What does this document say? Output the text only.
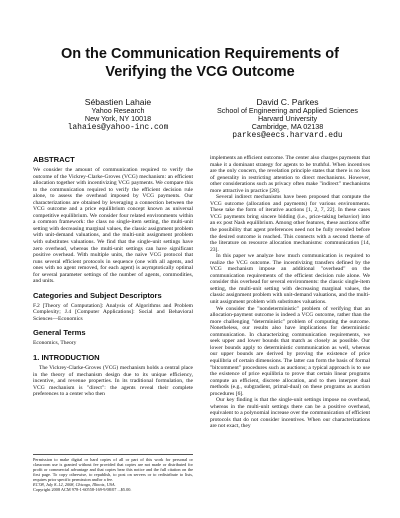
On the Communication Requirements of
Verifying the VCG Outcome
Sébastien Lahaie
Yahoo Research
New York, NY 10018
lahaies@yahoo-inc.com
David C. Parkes
School of Engineering and Applied Sciences
Harvard University
Cambridge, MA 02138
parkes@eecs.harvard.edu
ABSTRACT

We consider the amount of communication required to verify the outcome of the Vickrey-Clarke-Groves (VCG) mechanism: an efficient allocation together with incentivizing VCG payments. We compare this to the communication required to verify the efficient decision rule alone, to assess the overhead imposed by VCG payments. Our characterizations are obtained by leveraging a connection between the VCG outcome and a price equilibrium concept known as universal competitive equilibrium. We consider four related environments within a common framework: the class no single-item setting, the multi-unit setting with decreasing marginal values, the classic assignment problem with unit-demand valuations, and the multi-unit assignment problem with substitutes valuations. We find that the single-unit settings have zero overhead, whereas the multi-unit settings can have significant positive overhead. With multiple units, the naive VCG protocol that runs several efficient protocols in sequence (one with all agents, and ones with no agent removed, for each agent) is asymptotically optimal for several parameter settings of the number of agents, commodities, and units.

Categories and Subject Descriptors

F.2 [Theory of Computation]: Analysis of Algorithms and Problem Complexity; J.4 [Computer Applications]: Social and Behavioral Sciences—Economics

General Terms

Economics, Theory

1. INTRODUCTION

The Vickrey-Clarke-Groves (VCG) mechanism holds a central place in the theory of mechanism design due to its unique efficiency, incentive, and revenue properties. In its traditional formulation, the VCG mechanism is "direct": the agents reveal their complete preferences to a center who then

Permission to make digital or hard copies of all or part of this work for personal or classroom use is granted without fee provided that copies are not made or distributed for profit or commercial advantage and that copies bear this notice and the full citation on the first page. To copy otherwise, to republish, to post on servers or to redistribute to lists, requires prior specific permission and/or a fee.

EC'08, July 8–12, 2008, Chicago, Illinois, USA.

Copyright 2008 ACM 978-1-60558-169-9/08/07 ...$5.00.

implements an efficient outcome. The center also charges payments that make it a dominant strategy for agents to be truthful. When incentives are the only concern, the revelation principle states that there is no loss of generality in restricting attention to direct mechanisms. However, other considerations such as privacy often make "indirect" mechanisms more attractive in practice [28].

Several indirect mechanisms have been proposed that compute the VCG outcome (allocation and payments) for various environments. These take the form of iterative auctions [1, 2, 7, 22]. In these cases VCG payments bring sincere bidding (i.e., price-taking behavior) into an ex post Nash equilibrium. Among other features, these auctions offer the possibility that agent preferences need not be fully revealed before the desired outcome is reached. This connects with a second theme of the literature on resource allocation mechanisms: communication [14, 23].

In this paper we analyze how much communication is required to realize the VCG outcome. The incentivizing transfers defined by the VCG mechanism impose an additional "overhead" on the communication requirements of the efficient decision rule alone. We consider this overhead for several environments: the classic single-item setting, the multi-unit setting with decreasing marginal values, the classic assignment problem with unit-demand valuations, and the multi-unit assignment problem with substitutes valuations.

We consider the "nondeterministic" problem of verifying that an allocation-payment outcome is indeed a VCG outcome, rather than the more challenging "deterministic" problem of computing the outcome. Nonetheless, our results also have implications for deterministic communication. In characterizing communication requirements, we seek upper and lower bounds that match as closely as possible. Our lower bounds apply to deterministic communication as well, whereas our upper bounds are derived by proving the existence of price equilibria of certain dimensions. The latter can form the basis of formal "bitcomment" procedures such as auctions; a typical approach is to use the existence of price equilibria to prove that certain linear programs compute an efficient, discrete allocation, and to then interpret dual methods (e.g., subgradient, primal-dual) on these programs as auction procedures [6].

Our key finding is that the single-unit settings impose no overhead, whereas in the multi-unit settings there can be a positive overhead, equivalent to a polynomial increase over the communication of efficient protocols that do not consider incentives. When our characterizations are not exact, they
